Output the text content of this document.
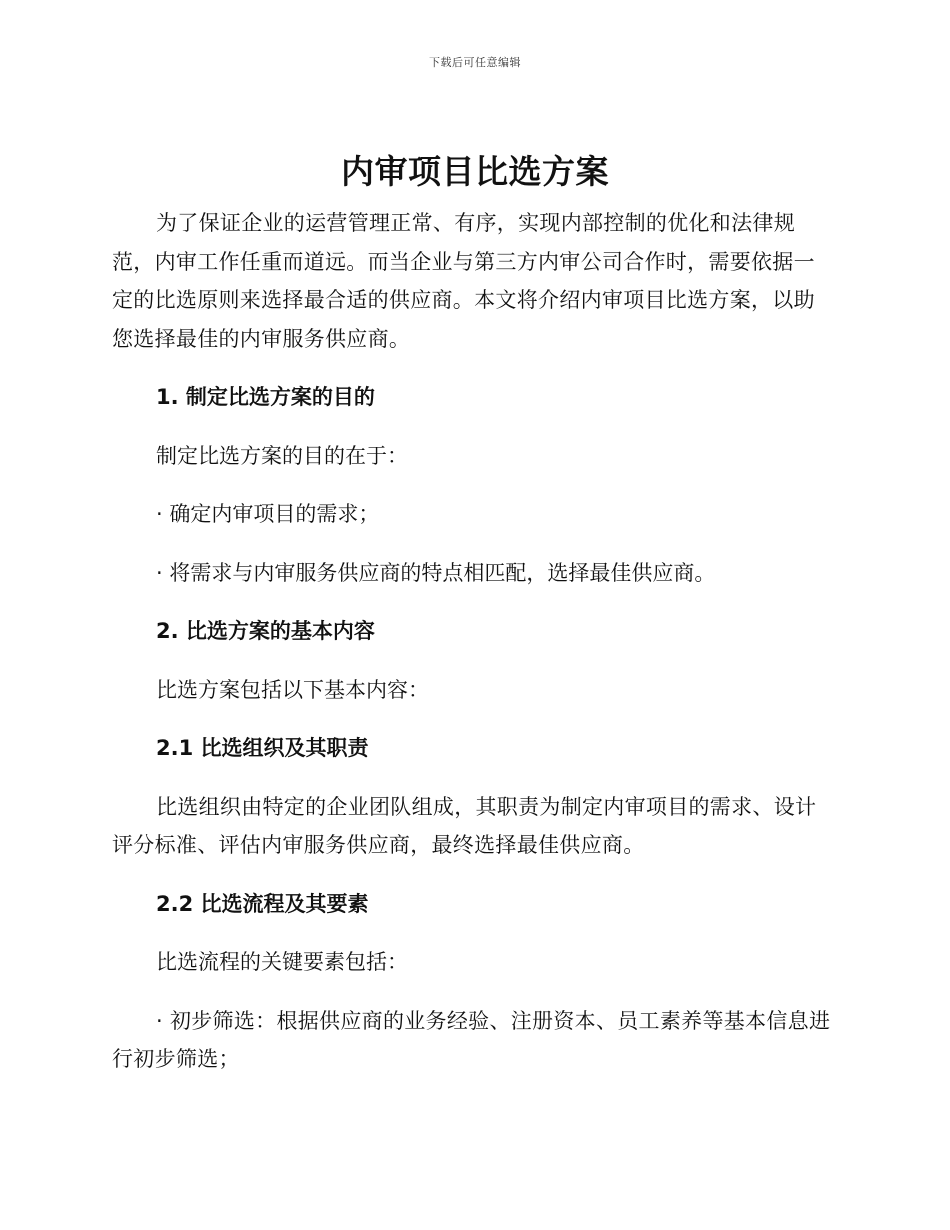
下载后可任意编辑
内审项目比选方案

为了保证企业的运营管理正常、有序，实现内部控制的优化和法律规范，内审工作任重而道远。而当企业与第三方内审公司合作时，需要依据一定的比选原则来选择最合适的供应商。本文将介绍内审项目比选方案，以助您选择最佳的内审服务供应商。

1. 制定比选方案的目的

制定比选方案的目的在于：

· 确定内审项目的需求；

· 将需求与内审服务供应商的特点相匹配，选择最佳供应商。

2. 比选方案的基本内容

比选方案包括以下基本内容：

2.1 比选组织及其职责

比选组织由特定的企业团队组成，其职责为制定内审项目的需求、设计评分标准、评估内审服务供应商，最终选择最佳供应商。

2.2 比选流程及其要素

比选流程的关键要素包括：

· 初步筛选：根据供应商的业务经验、注册资本、员工素养等基本信息进行初步筛选；
